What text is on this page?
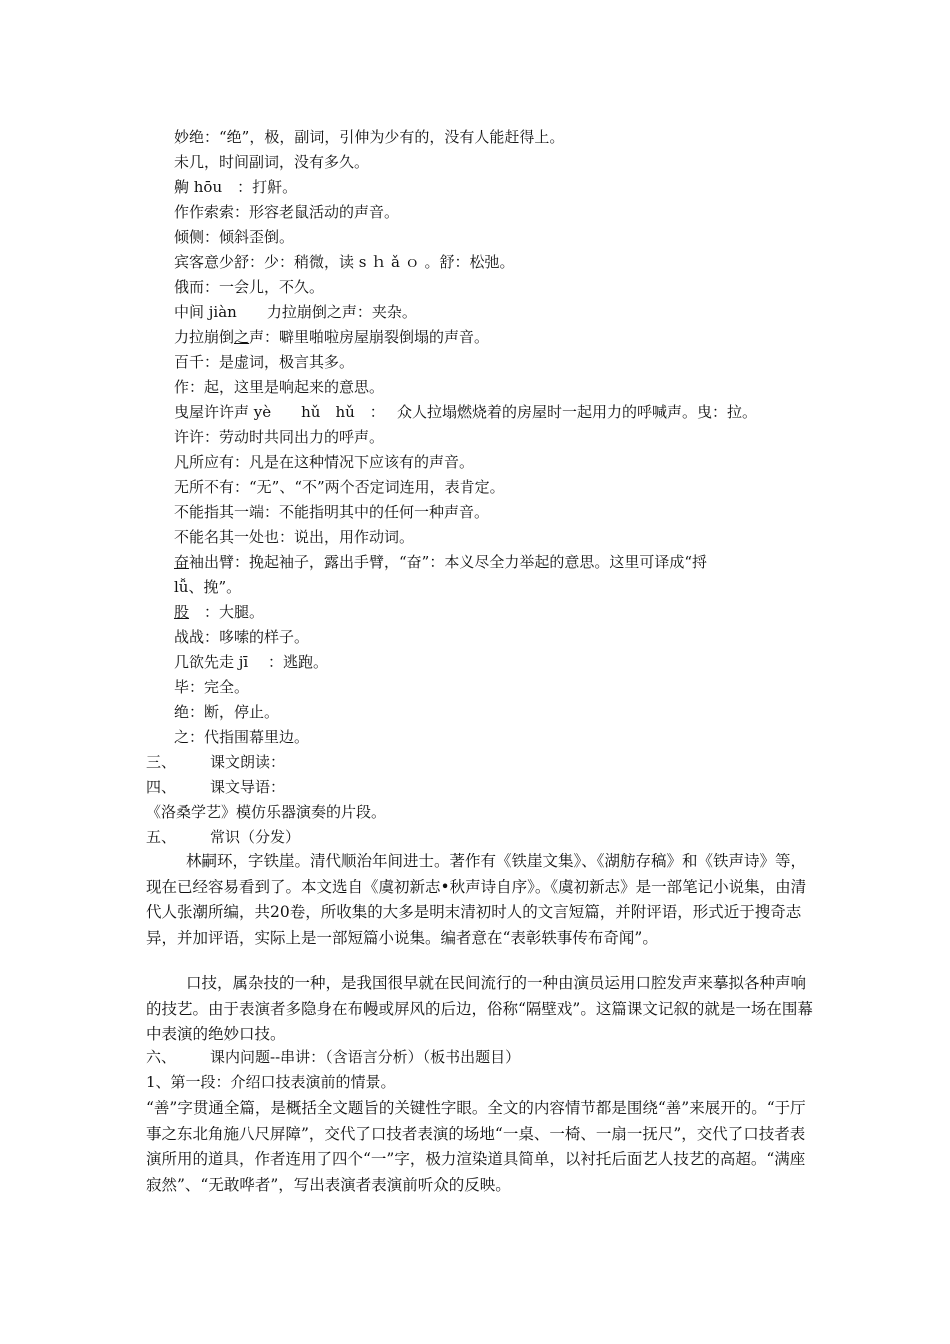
妙绝：“绝”，极，副词，引伸为少有的，没有人能赶得上。
未几，时间副词，没有多久。
齁 hōu　：打鼾。
作作索索：形容老鼠活动的声音。
倾侧：倾斜歪倒。
宾客意少舒：少：稍微，读 s ｈ ǎ ｏ 。舒：松弛。
俄而：一会儿，不久。
中间 jiàn　　力拉崩倒之声：夹杂。
力拉崩倒之声：噼里啪啦房屋崩裂倒塌的声音。
百千：是虚词，极言其多。
作：起，这里是响起来的意思。
曳屋许许声 yè　　hǔ　hǔ　：　 众人拉塌燃烧着的房屋时一起用力的呼喊声。曳：拉。
许许：劳动时共同出力的呼声。
凡所应有：凡是在这种情况下应该有的声音。
无所不有：“无”、“不”两个否定词连用，表肯定。
不能指其一端：不能指明其中的任何一种声音。
不能名其一处也：说出，用作动词。
奋袖出臂：挽起袖子，露出手臂，“奋”：本义尽全力举起的意思。这里可译成“捋
lǚ、挽”。
股　：大腿。
战战：哆嗦的样子。
几欲先走 jī　 ：逃跑。
毕：完全。
绝：断，停止。
之：代指围幕里边。
三、 课文朗读：
四、 课文导语：
《洛桑学艺》模仿乐器演奏的片段。
五、 常识（分发）
林嗣环，字铁崖。清代顺治年间进士。著作有《铁崖文集》、《湖舫存稿》和《铁声诗》等，现在已经容易看到了。本文选自《虞初新志•秋声诗自序》。《虞初新志》是一部笔记小说集，由清代人张潮所编，共20卷，所收集的大多是明末清初时人的文言短篇，并附评语，形式近于搜奇志异，并加评语，实际上是一部短篇小说集。编者意在“表彰轶事传布奇闻”。
口技，属杂技的一种，是我国很早就在民间流行的一种由演员运用口腔发声来摹拟各种声响的技艺。由于表演者多隐身在布幔或屏风的后边，俗称“隔壁戏”。这篇课文记叙的就是一场在围幕中表演的绝妙口技。
六、 课内问题--串讲：（含语言分析）（板书出题目）
1、第一段：介绍口技表演前的情景。
“善”字贯通全篇，是概括全文题旨的关键性字眼。全文的内容情节都是围绕“善”来展开的。“于厅事之东北角施八尺屏障”，交代了口技者表演的场地“一桌、一椅、一扇一抚尺”，交代了口技者表演所用的道具，作者连用了四个“一”字，极力渲染道具简单，以衬托后面艺人技艺的高超。“满座寂然”、“无敢哗者”，写出表演者表演前听众的反映。
